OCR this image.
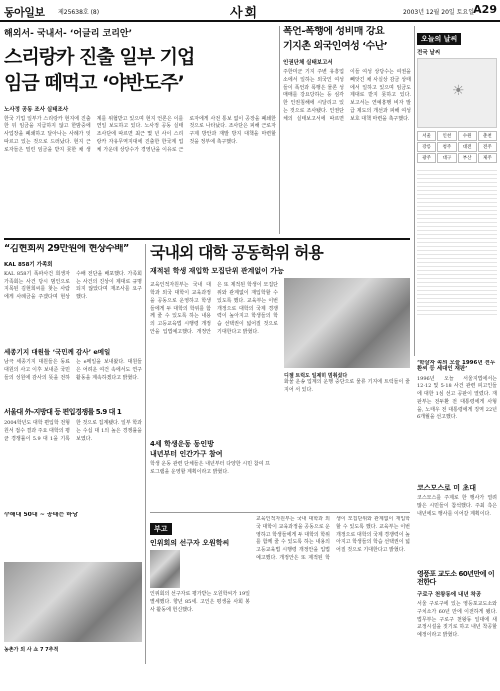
동아일보 제25638호 (8)	사회	2003년 12월 20일 토요일 A29
해외서- 국내서- ‘어글리 코리안’
스리랑카 진출 일부 기업
임금 떼먹고 ‘야반도주’
노사정 공동 조사 실태조사
한국 기업 일부가 스리랑카 현지에 진출한 뒤 임금을 지급하지 않고 한밤중에 사업장을 폐쇄하고 달아나는 사례가 잇따르고 있는 것으로 드러났다. 현지 근로자들은 밀린 임금을 받지 못한 채 생계를 위협받고 있으며 현지 언론은 이를 연일 보도하고 있다. 노사정 공동 실태조사단에 따르면 최근 몇 년 사이 스리랑카 자유무역지대에 진출한 한국계 업체 가운데 상당수가 경영난을 이유로 근로자에게 사전 통보 없이 공장을 폐쇄한 것으로 나타났다. 조사단은 피해 근로자 구제 방안과 재발 방지 대책을 마련할 것을 정부에 촉구했다.
폭언-폭행에 성비매 강요
기지촌 외국인여성 ‘수난’
인권단체 실태보고서
주한미군 기지 주변 유흥업소에서 일하는 외국인 여성들이 폭언과 폭행은 물론 성매매를 강요당하는 등 심각한 인권침해에 시달리고 있는 것으로 조사됐다. 인권단체의 실태보고서에 따르면 이들 여성 상당수는 여권을 빼앗긴 채 사실상 감금 상태에서 일하고 있으며 임금도 제대로 받지 못하고 있다. 보고서는 연예흥행 비자 발급 제도의 개선과 피해 여성 보호 대책 마련을 촉구했다.
오늘의 날씨
전국 날씨
☀
서울	인천	수원	춘천
강릉	청주	대전	전주
광주	대구	부산	제주
“김현희씨 29만원에 현상수배”
KAL 858기 가족회
KAL 858기 폭파사건 희생자 가족회는 사건 당시 범인으로 지목된 김현희씨를 찾는 사람에게 사례금을 주겠다며 현상수배 전단을 배포했다. 가족회는 사건의 진상이 제대로 규명되지 않았다며 재조사를 요구했다.
세종기지 대원들 ‘국민께 감사’ e메일
남극 세종기지 대원들은 동료 대원의 사고 이후 보내준 국민들의 성원에 감사의 뜻을 전하는 e메일을 보내왔다. 대원들은 어려운 여건 속에서도 연구 활동을 계속하겠다고 밝혔다.
국내외 대학 공동학위 허용
재적된 학생 재입학 모집단위 관계없이 가능
교육인적자원부는 국내 대학과 외국 대학이 교육과정을 공동으로 운영하고 학생들에게 두 대학의 학위를 함께 줄 수 있도록 하는 내용의 고등교육법 시행령 개정안을 입법예고했다. 개정안은 또 제적된 학생이 모집단위와 관계없이 재입학할 수 있도록 했다. 교육부는 이번 개정으로 대학의 국제 경쟁력이 높아지고 학생들의 학습 선택권이 넓어질 것으로 기대한다고 밝혔다.
디젤 트럭도 일제히 멈춰섰다
화물 운송 업계의 운행 중단으로 물류 기지에 트럭들이 줄지어 서 있다.
‘학살자 속의 오늘 1996년 전두환씨 등 세대인 재판’
1996년 오늘 서울지법에서는 12·12 및 5·18 사건 관련 피고인들에 대한 1심 선고 공판이 열렸다. 재판부는 전두환 전 대통령에게 사형을, 노태우 전 대통령에게 징역 22년 6개월을 선고했다.
코스모스로 미 초대
코스모스를 주제로 한 행사가 열려 많은 시민들이 참석했다. 주최 측은 내년에도 행사를 이어갈 계획이다.
서울대 外-지방대 등 편입경쟁률 5.9 대 1
2004학년도 대학 편입학 전형 원서 접수 결과 주요 대학의 평균 경쟁률이 5.9 대 1을 기록한 것으로 집계됐다. 일부 학과는 수십 대 1의 높은 경쟁률을 보였다.
4세 학생운동 동인방
내년부터 인간가구 참여
학생 운동 관련 단체들은 내년부터 다양한 시민 참여 프로그램을 운영할 계획이라고 밝혔다.
부고
인위회의 선구자 오원학씨
인위회의 선구자로 평가받는 오원학씨가 19일 별세했다. 향년 85세. 고인은 평생을 사회 봉사 활동에 헌신했다.
교육인적자원부는 국내 대학과 외국 대학이 교육과정을 공동으로 운영하고 학생들에게 두 대학의 학위를 함께 줄 수 있도록 하는 내용의 고등교육법 시행령 개정안을 입법예고했다. 개정안은 또 제적된 학생이 모집단위와 관계없이 재입학할 수 있도록 했다. 교육부는 이번 개정으로 대학의 국제 경쟁력이 높아지고 학생들의 학습 선택권이 넓어질 것으로 기대한다고 밝혔다.
수해대 50대 ~ 공태는 하당
농촌가 외 사 쇼 7 7추적
영풍포 교도소 60년만에 이전한다
구로구 천왕동에 내년 착공
서울 구로구에 있는 영등포교도소와 구치소가 60년 만에 이전하게 됐다. 법무부는 구로구 천왕동 일대에 새 교정시설을 짓기로 하고 내년 착공할 예정이라고 밝혔다.
